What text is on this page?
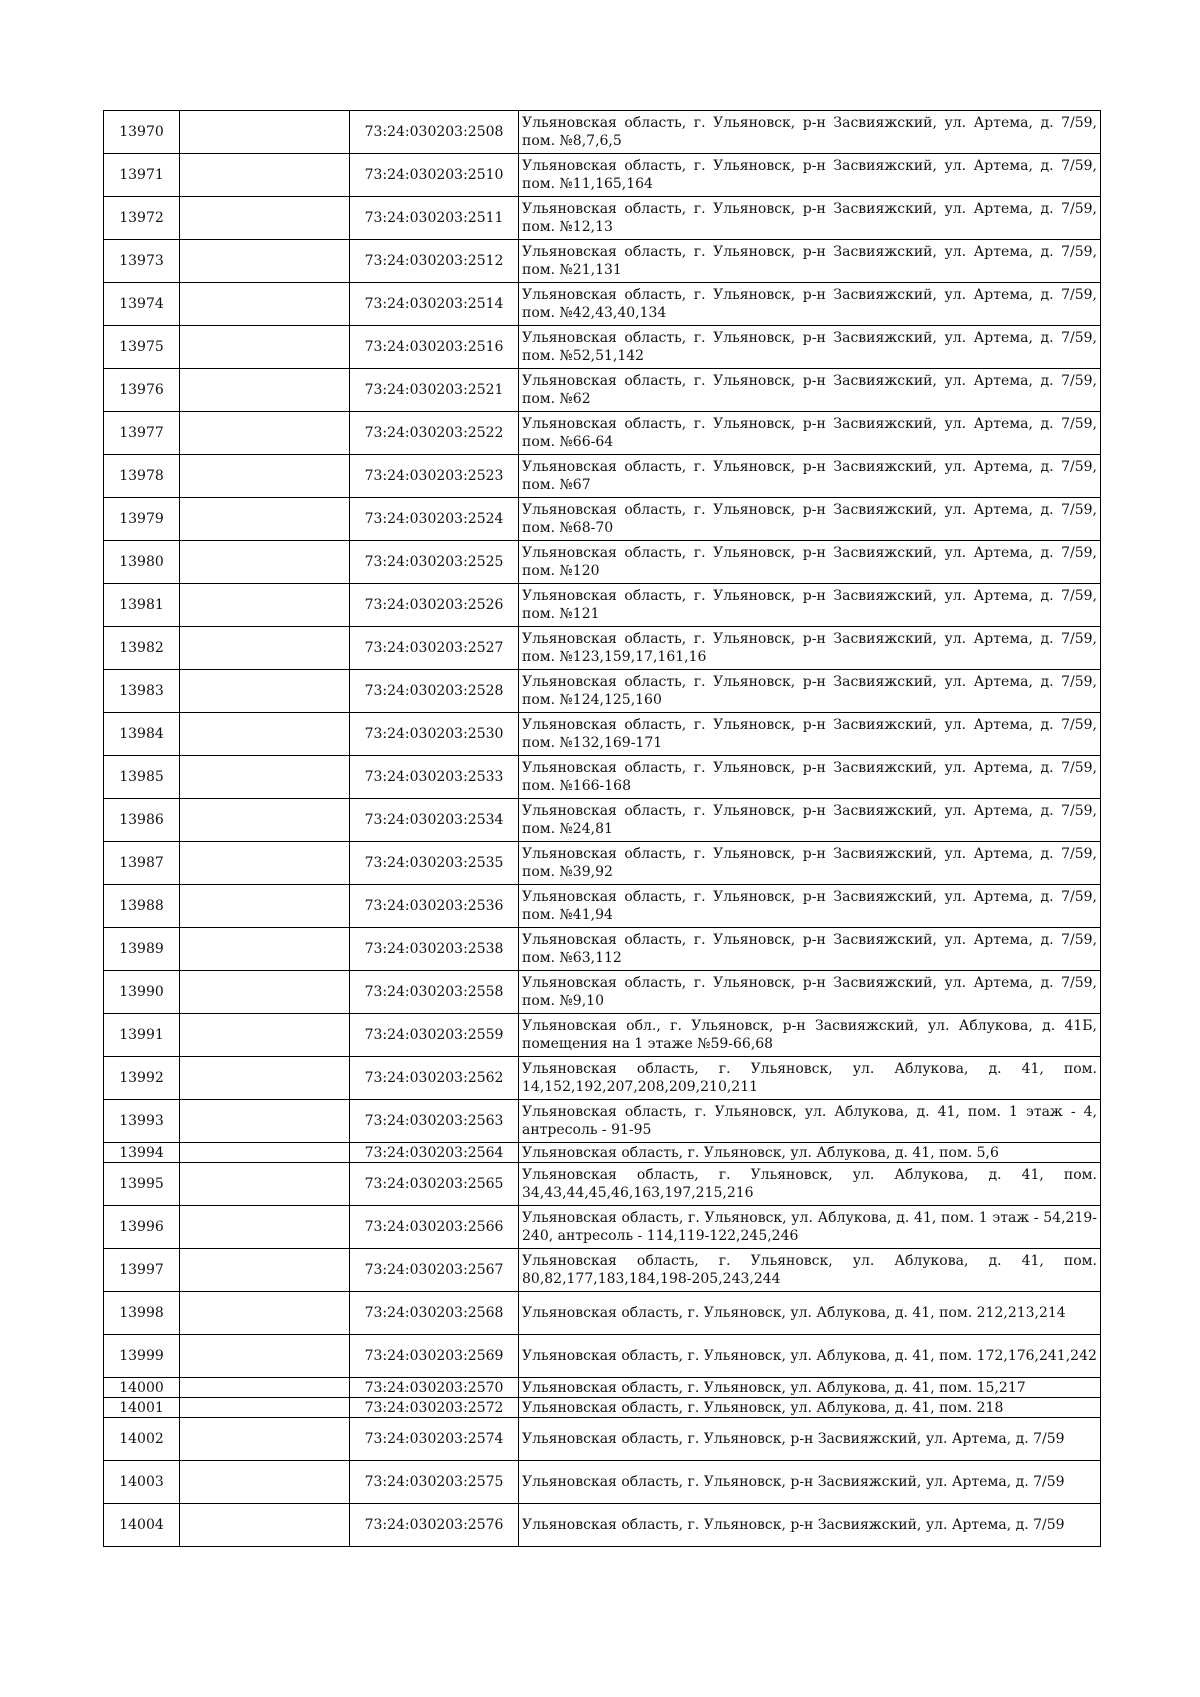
13970		73:24:030203:2508	Ульяновская область, г. Ульяновск, р-н Засвияжский, ул. Артема, д. 7/59, пом. №8,7,6,5
13971		73:24:030203:2510	Ульяновская область, г. Ульяновск, р-н Засвияжский, ул. Артема, д. 7/59, пом. №11,165,164
13972		73:24:030203:2511	Ульяновская область, г. Ульяновск, р-н Засвияжский, ул. Артема, д. 7/59, пом. №12,13
13973		73:24:030203:2512	Ульяновская область, г. Ульяновск, р-н Засвияжский, ул. Артема, д. 7/59, пом. №21,131
13974		73:24:030203:2514	Ульяновская область, г. Ульяновск, р-н Засвияжский, ул. Артема, д. 7/59, пом. №42,43,40,134
13975		73:24:030203:2516	Ульяновская область, г. Ульяновск, р-н Засвияжский, ул. Артема, д. 7/59, пом. №52,51,142
13976		73:24:030203:2521	Ульяновская область, г. Ульяновск, р-н Засвияжский, ул. Артема, д. 7/59, пом. №62
13977		73:24:030203:2522	Ульяновская область, г. Ульяновск, р-н Засвияжский, ул. Артема, д. 7/59, пом. №66-64
13978		73:24:030203:2523	Ульяновская область, г. Ульяновск, р-н Засвияжский, ул. Артема, д. 7/59, пом. №67
13979		73:24:030203:2524	Ульяновская область, г. Ульяновск, р-н Засвияжский, ул. Артема, д. 7/59, пом. №68-70
13980		73:24:030203:2525	Ульяновская область, г. Ульяновск, р-н Засвияжский, ул. Артема, д. 7/59, пом. №120
13981		73:24:030203:2526	Ульяновская область, г. Ульяновск, р-н Засвияжский, ул. Артема, д. 7/59, пом. №121
13982		73:24:030203:2527	Ульяновская область, г. Ульяновск, р-н Засвияжский, ул. Артема, д. 7/59, пом. №123,159,17,161,16
13983		73:24:030203:2528	Ульяновская область, г. Ульяновск, р-н Засвияжский, ул. Артема, д. 7/59, пом. №124,125,160
13984		73:24:030203:2530	Ульяновская область, г. Ульяновск, р-н Засвияжский, ул. Артема, д. 7/59, пом. №132,169-171
13985		73:24:030203:2533	Ульяновская область, г. Ульяновск, р-н Засвияжский, ул. Артема, д. 7/59, пом. №166-168
13986		73:24:030203:2534	Ульяновская область, г. Ульяновск, р-н Засвияжский, ул. Артема, д. 7/59, пом. №24,81
13987		73:24:030203:2535	Ульяновская область, г. Ульяновск, р-н Засвияжский, ул. Артема, д. 7/59, пом. №39,92
13988		73:24:030203:2536	Ульяновская область, г. Ульяновск, р-н Засвияжский, ул. Артема, д. 7/59, пом. №41,94
13989		73:24:030203:2538	Ульяновская область, г. Ульяновск, р-н Засвияжский, ул. Артема, д. 7/59, пом. №63,112
13990		73:24:030203:2558	Ульяновская область, г. Ульяновск, р-н Засвияжский, ул. Артема, д. 7/59, пом. №9,10
13991		73:24:030203:2559	Ульяновская обл., г. Ульяновск, р-н Засвияжский, ул. Аблукова, д. 41Б, помещения на 1 этаже №59-66,68
13992		73:24:030203:2562	Ульяновская область, г. Ульяновск, ул. Аблукова, д. 41, пом. 14,152,192,207,208,209,210,211
13993		73:24:030203:2563	Ульяновская область, г. Ульяновск, ул. Аблукова, д. 41, пом. 1 этаж - 4, антресоль - 91-95
13994		73:24:030203:2564	Ульяновская область, г. Ульяновск, ул. Аблукова, д. 41, пом. 5,6
13995		73:24:030203:2565	Ульяновская область, г. Ульяновск, ул. Аблукова, д. 41, пом. 34,43,44,45,46,163,197,215,216
13996		73:24:030203:2566	Ульяновская область, г. Ульяновск, ул. Аблукова, д. 41, пом. 1 этаж - 54,219-240, антресоль - 114,119-122,245,246
13997		73:24:030203:2567	Ульяновская область, г. Ульяновск, ул. Аблукова, д. 41, пом. 80,82,177,183,184,198-205,243,244
13998		73:24:030203:2568	Ульяновская область, г. Ульяновск, ул. Аблукова, д. 41, пом. 212,213,214
13999		73:24:030203:2569	Ульяновская область, г. Ульяновск, ул. Аблукова, д. 41, пом. 172,176,241,242
14000		73:24:030203:2570	Ульяновская область, г. Ульяновск, ул. Аблукова, д. 41, пом. 15,217
14001		73:24:030203:2572	Ульяновская область, г. Ульяновск, ул. Аблукова, д. 41, пом. 218
14002		73:24:030203:2574	Ульяновская область, г. Ульяновск, р-н Засвияжский, ул. Артема, д. 7/59
14003		73:24:030203:2575	Ульяновская область, г. Ульяновск, р-н Засвияжский, ул. Артема, д. 7/59
14004		73:24:030203:2576	Ульяновская область, г. Ульяновск, р-н Засвияжский, ул. Артема, д. 7/59
